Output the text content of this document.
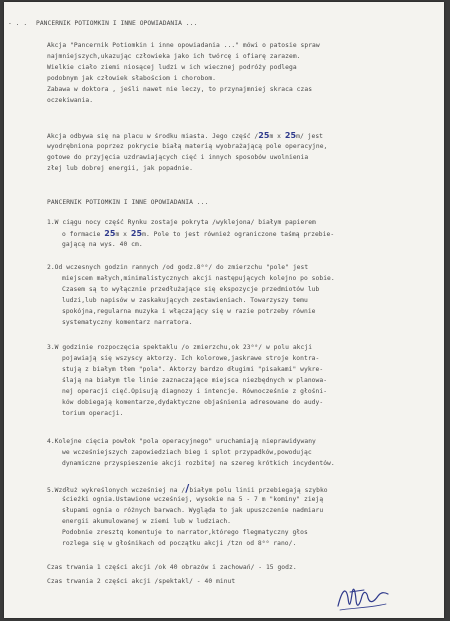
- . . PANCERNIK POTIOMKIN I INNE OPOWIADANIA ...
Akcja "Pancernik Potiomkin i inne opowiadania ..." mówi o patosie spraw
najmniejszych,ukazując człowieka jako ich twórcę i ofiarę zarazem.
Wielkie ciało ziemi niosącej ludzi w ich wiecznej podróży podlega
podobnym jak człowiek słabościom i chorobom.
Zabawa w doktora , jeśli nawet nie leczy, to przynajmniej skraca czas
oczekiwania.
Akcja odbywa się na placu w środku miasta. Jego część /25m x 25m/ jest
wyodrębniona poprzez pokrycie białą materią wyobrażającą pole operacyjne,
gotowe do przyjęcia uzdrawiających cięć i innych sposobów uwolnienia
złej lub dobrej energii, jak popadnie.
PANCERNIK POTIOMKIN I INNE OPOWIADANIA ...
1.W ciągu nocy część Rynku zostaje pokryta /wyklejona/ białym papierem
o formacie 25m x 25m. Pole to jest również ograniczone taśmą przebie-
gającą na wys. 40 cm.
2.Od wczesnych godzin rannych /od godz.8⁰⁰/ do zmierzchu "pole" jest
miejscem małych,minimalistycznych akcji następujących kolejno po sobie.
Czasem są to wyłącznie przedłużające się ekspozycje przedmiotów lub
ludzi,lub napisów w zaskakujących zestawieniach. Towarzyszy temu
spokójna,regularna muzyka i włączający się w razie potrzeby równie
systematyczny komentarz narratora.
3.W godzinie rozpoczęcia spektaklu /o zmierzchu,ok 23⁰⁰/ w polu akcji
pojawiają się wszyscy aktorzy. Ich kolorowe,jaskrawe stroje kontra-
stują z białym tłem "pola". Aktorzy bardzo długimi "pisakami" wykre-
ślają na białym tle linie zaznaczające miejsca niezbędnych w planowa-
nej operacji cięć.Opisują diagnozy i intencje. Równocześnie z głośni-
ków dobiegają komentarze,dydaktyczne objaśnienia adresowane do audy-
torium operacji.
4.Kolejne cięcia powłok "pola operacyjnego" uruchamiają nieprawidywany
we wcześniejszych zapowiedziach bieg i splot przypadków,powodując
dynamiczne przyspieszenie akcji rozbitej na szereg krótkich incydentów.
5.Wzdłuż wykreślonych wcześniej na //białym polu linii przebiegają szybko
ścieżki ognia.Ustawione wcześniej, wysokie na 5 - 7 m "kominy" zieją
słupami ognia o różnych barwach. Wygląda to jak upuszczenie nadmiaru
energii akumulowanej w ziemi lub w ludziach.
Podobnie zresztq komentuje to narrator,którego flegmatyczny głos
rozlega się w głośnikach od początku akcji /tzn od 8⁰⁰ rano/.
Czas trwania 1 części akcji /ok 40 obrazów i zachowań/ - 15 godz.
Czas trwania 2 części akcji /spektakl/ - 40 minut
